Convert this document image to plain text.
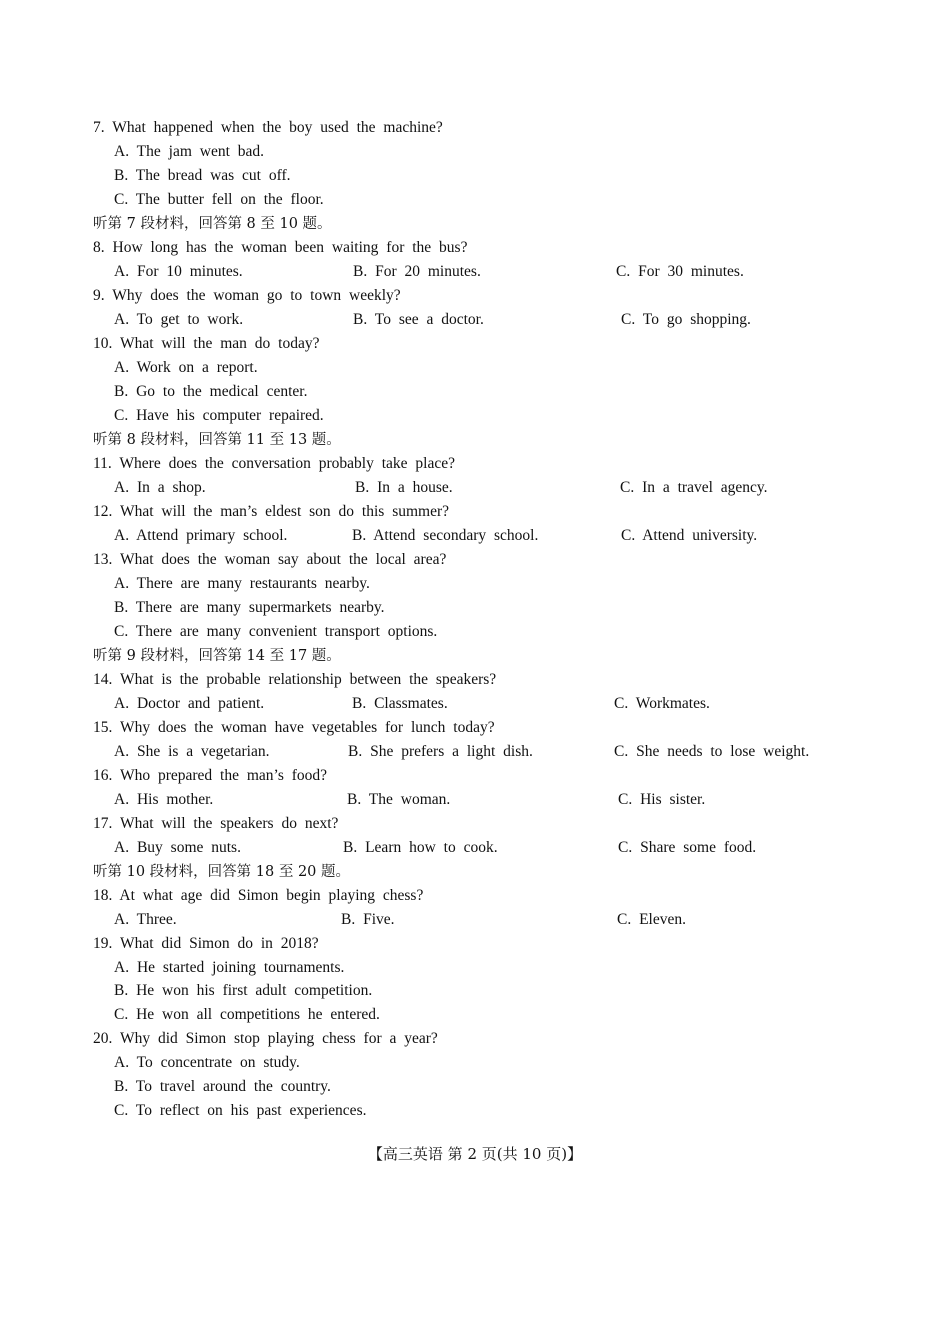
7. What happened when the boy used the machine?
A. The jam went bad.
B. The bread was cut off.
C. The butter fell on the floor.
听第 7 段材料，回答第 8 至 10 题。
8. How long has the woman been waiting for the bus?
A. For 10 minutes.	B. For 20 minutes.	C. For 30 minutes.
9. Why does the woman go to town weekly?
A. To get to work.	B. To see a doctor.	C. To go shopping.
10. What will the man do today?
A. Work on a report.
B. Go to the medical center.
C. Have his computer repaired.
听第 8 段材料，回答第 11 至 13 题。
11. Where does the conversation probably take place?
A. In a shop.	B. In a house.	C. In a travel agency.
12. What will the man’s eldest son do this summer?
A. Attend primary school.	B. Attend secondary school.	C. Attend university.
13. What does the woman say about the local area?
A. There are many restaurants nearby.
B. There are many supermarkets nearby.
C. There are many convenient transport options.
听第 9 段材料，回答第 14 至 17 题。
14. What is the probable relationship between the speakers?
A. Doctor and patient.	B. Classmates.	C. Workmates.
15. Why does the woman have vegetables for lunch today?
A. She is a vegetarian.	B. She prefers a light dish.	C. She needs to lose weight.
16. Who prepared the man’s food?
A. His mother.	B. The woman.	C. His sister.
17. What will the speakers do next?
A. Buy some nuts.	B. Learn how to cook.	C. Share some food.
听第 10 段材料，回答第 18 至 20 题。
18. At what age did Simon begin playing chess?
A. Three.	B. Five.	C. Eleven.
19. What did Simon do in 2018?
A. He started joining tournaments.
B. He won his first adult competition.
C. He won all competitions he entered.
20. Why did Simon stop playing chess for a year?
A. To concentrate on study.
B. To travel around the country.
C. To reflect on his past experiences.
【高三英语 第 2 页(共 10 页)】
